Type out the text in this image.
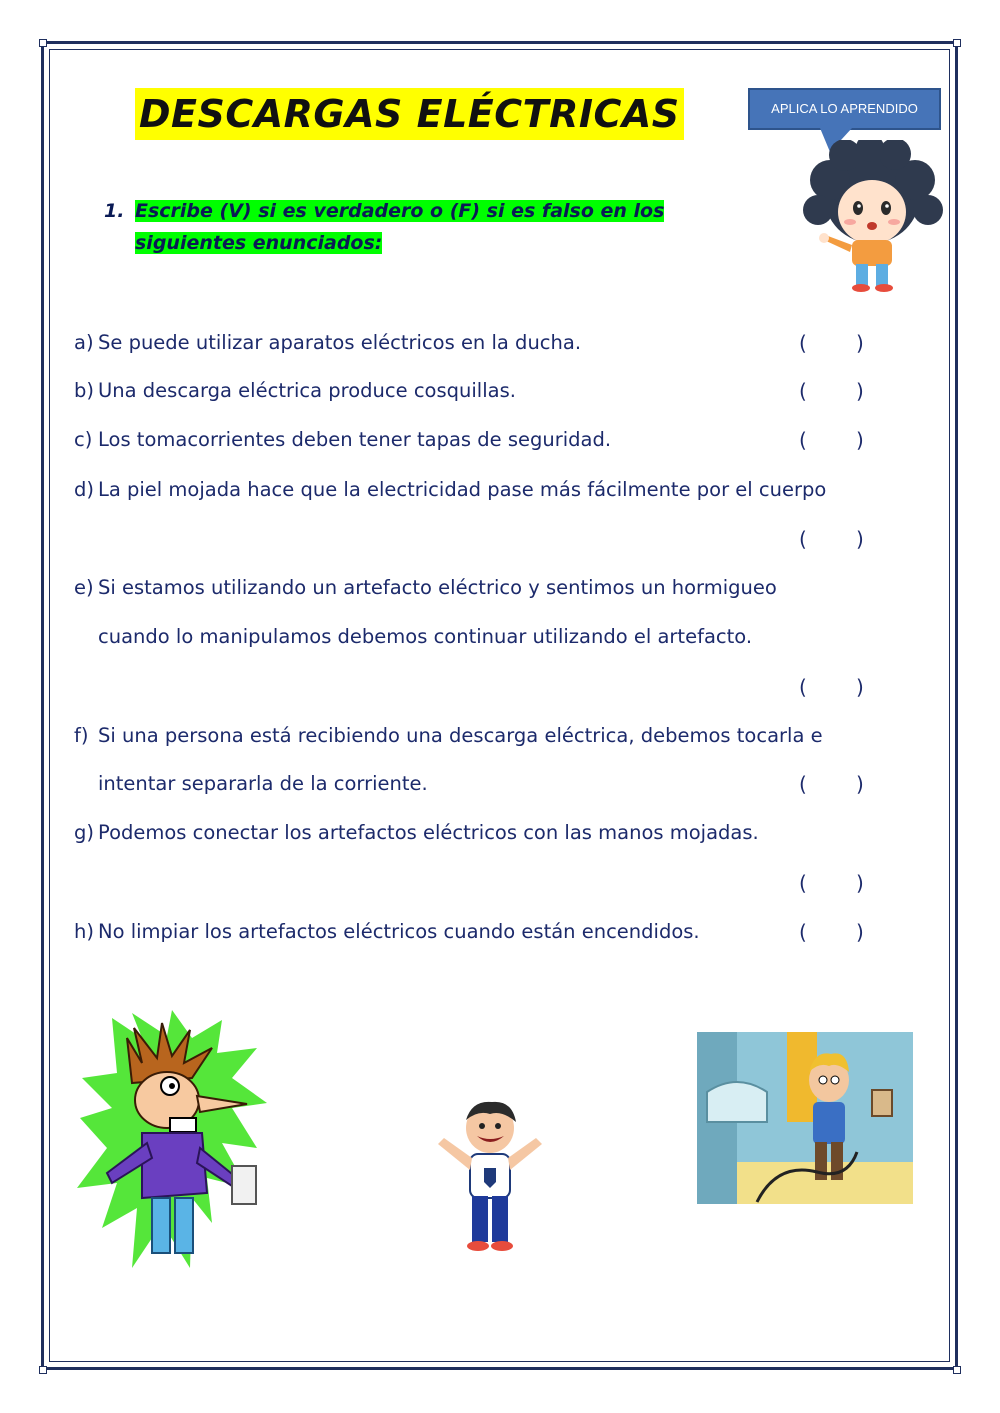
DESCARGAS ELÉCTRICAS	APLICA LO APRENDIDO
1. Escribe (V) si es verdadero o (F) si es falso en los
siguientes enunciados:
a) Se puede utilizar aparatos eléctricos en la ducha.	( )
b) Una descarga eléctrica produce cosquillas.	( )
c) Los tomacorrientes deben tener tapas de seguridad.	( )
d) La piel mojada hace que la electricidad pase más fácilmente por el cuerpo
( )
e) Si estamos utilizando un artefacto eléctrico y sentimos un hormigueo
cuando lo manipulamos debemos continuar utilizando el artefacto.
( )
f) Si una persona está recibiendo una descarga eléctrica, debemos tocarla e
intentar separarla de la corriente.	( )
g) Podemos conectar los artefactos eléctricos con las manos mojadas.
( )
h) No limpiar los artefactos eléctricos cuando están encendidos.	( )
